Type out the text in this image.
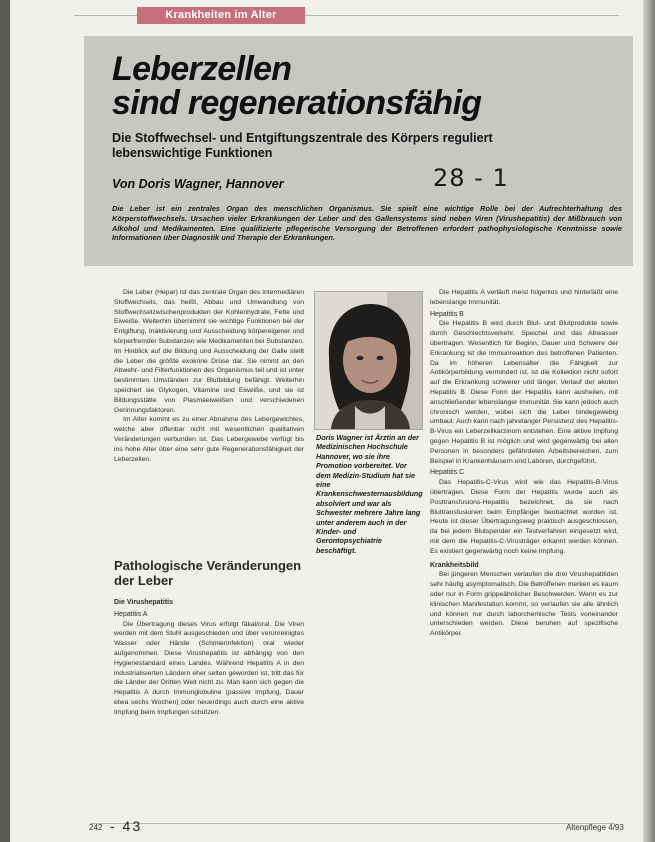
Krankheiten im Alter
Leberzellen
sind regenerationsfähig
Die Stoffwechsel- und Entgiftungszentrale des Körpers reguliert lebenswichtige Funktionen
Von Doris Wagner, Hannover	28 - 1
Die Leber ist ein zentrales Organ des menschlichen Organismus. Sie spielt eine wichtige Rolle bei der Aufrechterhaltung des Körperstoffwechsels. Ursachen vieler Erkrankungen der Leber und des Gallensystems sind neben Viren (Virushepatitis) der Mißbrauch von Alkohol und Medikamenten. Eine qualifizierte pflegerische Versorgung der Betroffenen erfordert pathophysiologische Kenntnisse sowie Informationen über Diagnostik und Therapie der Erkrankungen.

Die Leber (Hepar) ist das zentrale Organ des intermediären Stoffwechsels, das heißt, Abbau und Umwandlung von Stoffwechselzwischenprodukten der Kohlenhydrate, Fette und Eiweiße. Weiterhin übernimmt sie wichtige Funktionen bei der Entgiftung, Inaktivierung und Ausscheidung körpereigener und körperfremder Substanzen wie Medikamenten bei Substanzen. Im Hinblick auf die Bildung und Ausscheidung der Galle stellt die Leber die größte exokrine Drüse dar. Sie nimmt an den Abwehr- und Filterfunktionen des Organismus teil und ist unter bestimmten Umständen zur Blutbildung befähigt. Weiterhin speichert sie Glykogen, Vitamine und Eiweiße, und sie ist Bildungsstätte von Plasmaeiweißen und verschiedenen Gerinnungsfaktoren.

Im Alter kommt es zu einer Abnahme des Lebergewichtes, welche aber offenbar nicht mit wesentlichen qualitativen Veränderungen verbunden ist. Das Lebergewebe verfügt bis ins hohe Alter über eine sehr gute Regenerationsfähigkeit der Leberzellen.

Pathologische Veränderungen der Leber

Die Virushepatitis

Hepatitis A

Die Übertragung dieses Virus erfolgt fäkal/oral. Die Viren werden mit dem Stuhl ausgeschieden und über verunreinigtes Wasser oder Hände (Schmierinfektion) oral wieder aufgenommen. Diese Virushepatitis ist abhängig von den Hygienestandard eines Landes. Während Hepatitis A in den industrialisierten Ländern eher selten geworden ist, tritt das für die Länder der Dritten Welt nicht zu. Man kann sich gegen die Hepatitis A durch Immunglobuline (passive Impfung, Dauer etwa sechs Wochen) oder neuerdings auch durch eine aktive Impfung beim Impfungen schützen.

Doris Wagner ist Ärztin an der Medizinischen Hochschule Hannover, wo sie ihre Promotion vorbereitet. Vor dem Medizin-Studium hat sie eine Krankenschwesternausbildung absolviert und war als Schwester mehrere Jahre lang unter anderem auch in der Kinder- und Gerontopsychiatrie beschäftigt.

Die Hepatitis A verläuft meist folgenlos und hinterläßt eine lebenslange Immunität.

Hepatitis B

Die Hepatitis B wird durch Blut- und Blutprodukte sowie durch Geschlechtsverkehr, Speichel und das Abwasser übertragen. Wesentlich für Beginn, Dauer und Schwere der Erkrankung ist die Immunreaktion des betroffenen Patienten. Da im höheren Lebensalter die Fähigkeit zur Antikörperbildung vermindert ist, ist die Kollektion nicht sofort auf die Erkrankung schwerer und länger. Verlauf der akuten Hepatitis B. Diese Form der Hepatitis kann ausheilen, mit anschließender lebenslanger Immunität. Sie kann jedoch auch chronisch werden, wobei sich die Leber bindegewebig umbaut. Auch kann nach jahrelanger Persistenz des Hepatitis-B-Virus ein Leberzellkarzinom entstehen. Eine aktive Impfung gegen Hepatitis B ist möglich und wird gegenwärtig bei allen Personen in besonders gefährdeten Arbeitsbereichen, zum Beispiel in Krankenhäusern und Laboren, durchgeführt.

Hepatitis C

Das Hepatitis-C-Virus wird wie das Hepatitis-B-Virus übertragen. Diese Form der Hepatitis wurde auch als Posttransfusions-Hepatitis bezeichnet, da sie nach Bluttransfusionen beim Empfänger beobachtet worden ist. Heute ist dieser Übertragungsweg praktisch ausgeschlossen, da bei jedem Blutspender ein Testverfahren eingesetzt wird, mit dem die Hepatitis-C-Virusträger erkannt werden können. Es existiert gegenwärtig noch keine Impfung.

Krankheitsbild

Bei jüngeren Menschen verlaufen die drei Virushepatitiden sehr häufig asymptomatisch. Die Betroffenen merken es kaum oder nur in Form grippeähnlicher Beschwerden. Wenn es zur klinischen Manifestation kommt, so verlaufen sie alle ähnlich und können nur durch laborchemische Tests voneinander unterschieden werden. Diese beruhen auf spezifische Antikörper.

242 - 43	Altenpflege 4/93
